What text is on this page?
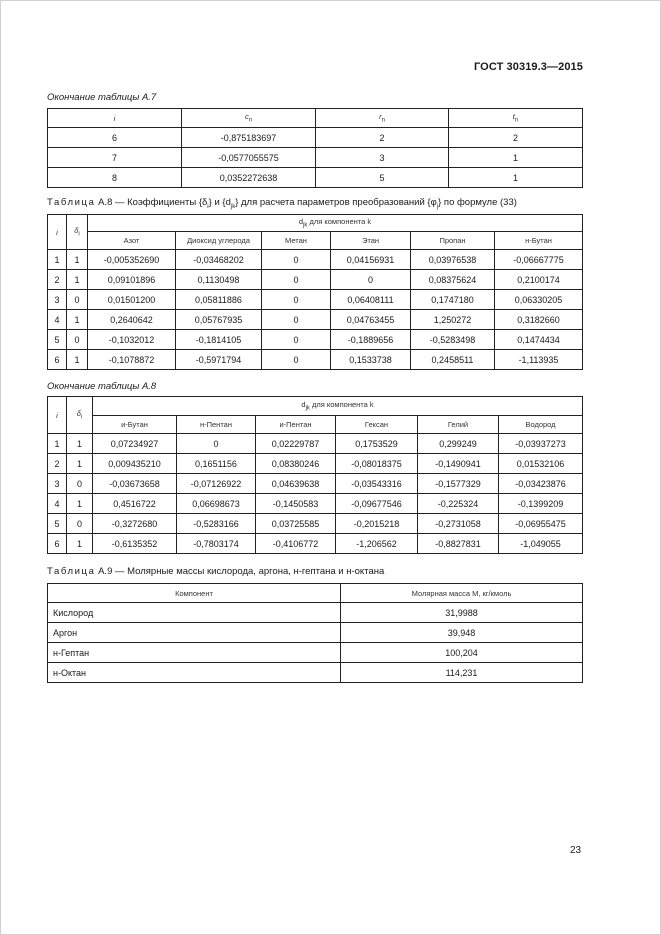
ГОСТ 30319.3—2015
Окончание таблицы А.7
i	$c_n$	$r_n$	$t_n$
6	-0,875183697	2	2
7	-0,0577055575	3	1
8	0,0352272638	5	1
Таблица А.8 — Коэффициенты $\{\delta_i\}$ и $\{d_{jk}\}$ для расчета параметров преобразований $\{\varphi_j\}$ по формуле (33)
i	$\delta_i$	$d_{jk}$ для компонента k					
		Азот	Диоксид углерода	Метан	Этан	Пропан	н-Бутан
1	1	-0,005352690	-0,03468202	0	0,04156931	0,03976538	-0,06667775
2	1	0,09101896	0,1130498	0	0	0,08375624	0,2100174
3	0	0,01501200	0,05811886	0	0,06408111	0,1747180	0,06330205
4	1	0,2640642	0,05767935	0	0,04763455	1,250272	0,3182660
5	0	-0,1032012	-0,1814105	0	-0,1889656	-0,5283498	0,1474434
6	1	-0,1078872	-0,5971794	0	0,1533738	0,2458511	-1,113935
Окончание таблицы А.8
i	$\delta_i$	$d_{jk}$ для компонента k					
		и-Бутан	н-Пентан	и-Пентан	Гексан	Гелий	Водород
1	1	0,07234927	0	0,02229787	0,1753529	0,299249	-0,03937273
2	1	0,009435210	0,1651156	0,08380246	-0,08018375	-0,1490941	0,01532106
3	0	-0,03673658	-0,07126922	0,04639638	-0,03543316	-0,1577329	-0,03423876
4	1	0,4516722	0,06698673	-0,1450583	-0,09677546	-0,225324	-0,1399209
5	0	-0,3272680	-0,5283166	0,03725585	-0,2015218	-0,2731058	-0,06955475
6	1	-0,6135352	-0,7803174	-0,4106772	-1,206562	-0,8827831	-1,049055
Таблица А.9 — Молярные массы кислорода, аргона, н-гептана и н-октана
Компонент	Молярная масса M, кг/кмоль
Кислород	31,9988
Аргон	39,948
н-Гептан	100,204
н-Октан	114,231
23
